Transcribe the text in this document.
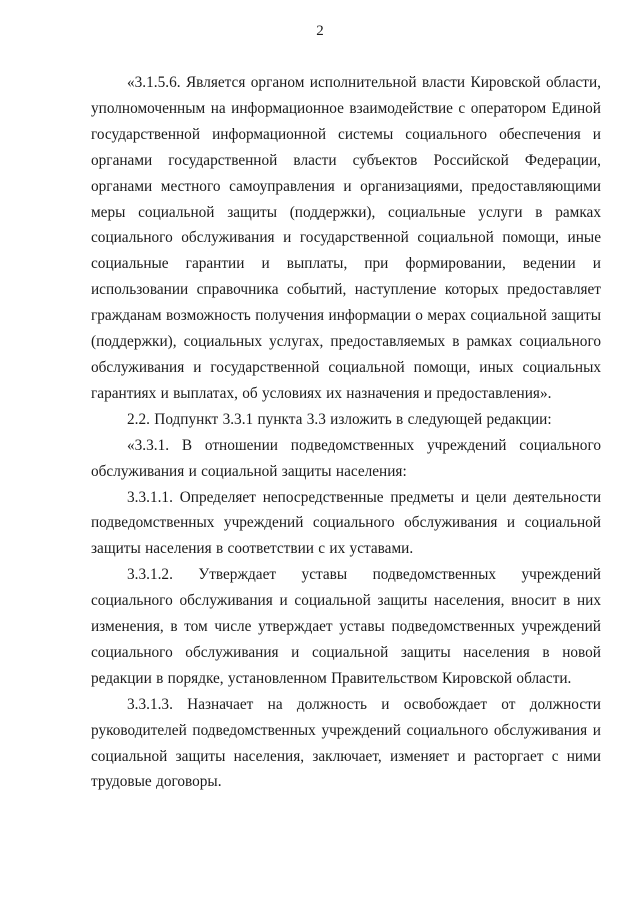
2

«3.1.5.6. Является органом исполнительной власти Кировской области, уполномоченным на информационное взаимодействие с оператором Единой государственной информационной системы социального обеспечения и органами государственной власти субъектов Российской Федерации, органами местного самоуправления и организациями, предоставляющими меры социальной защиты (поддержки), социальные услуги в рамках социального обслуживания и государственной социальной помощи, иные социальные гарантии и выплаты, при формировании, ведении и использовании справочника событий, наступление которых предоставляет гражданам возможность получения информации о мерах социальной защиты (поддержки), социальных услугах, предоставляемых в рамках социального обслуживания и государственной социальной помощи, иных социальных гарантиях и выплатах, об условиях их назначения и предоставления».

2.2. Подпункт 3.3.1 пункта 3.3 изложить в следующей редакции:

«3.3.1. В отношении подведомственных учреждений социального обслуживания и социальной защиты населения:

3.3.1.1. Определяет непосредственные предметы и цели деятельности подведомственных учреждений социального обслуживания и социальной защиты населения в соответствии с их уставами.

3.3.1.2. Утверждает уставы подведомственных учреждений социального обслуживания и социальной защиты населения, вносит в них изменения, в том числе утверждает уставы подведомственных учреждений социального обслуживания и социальной защиты населения в новой редакции в порядке, установленном Правительством Кировской области.

3.3.1.3. Назначает на должность и освобождает от должности руководителей подведомственных учреждений социального обслуживания и социальной защиты населения, заключает, изменяет и расторгает с ними трудовые договоры.
